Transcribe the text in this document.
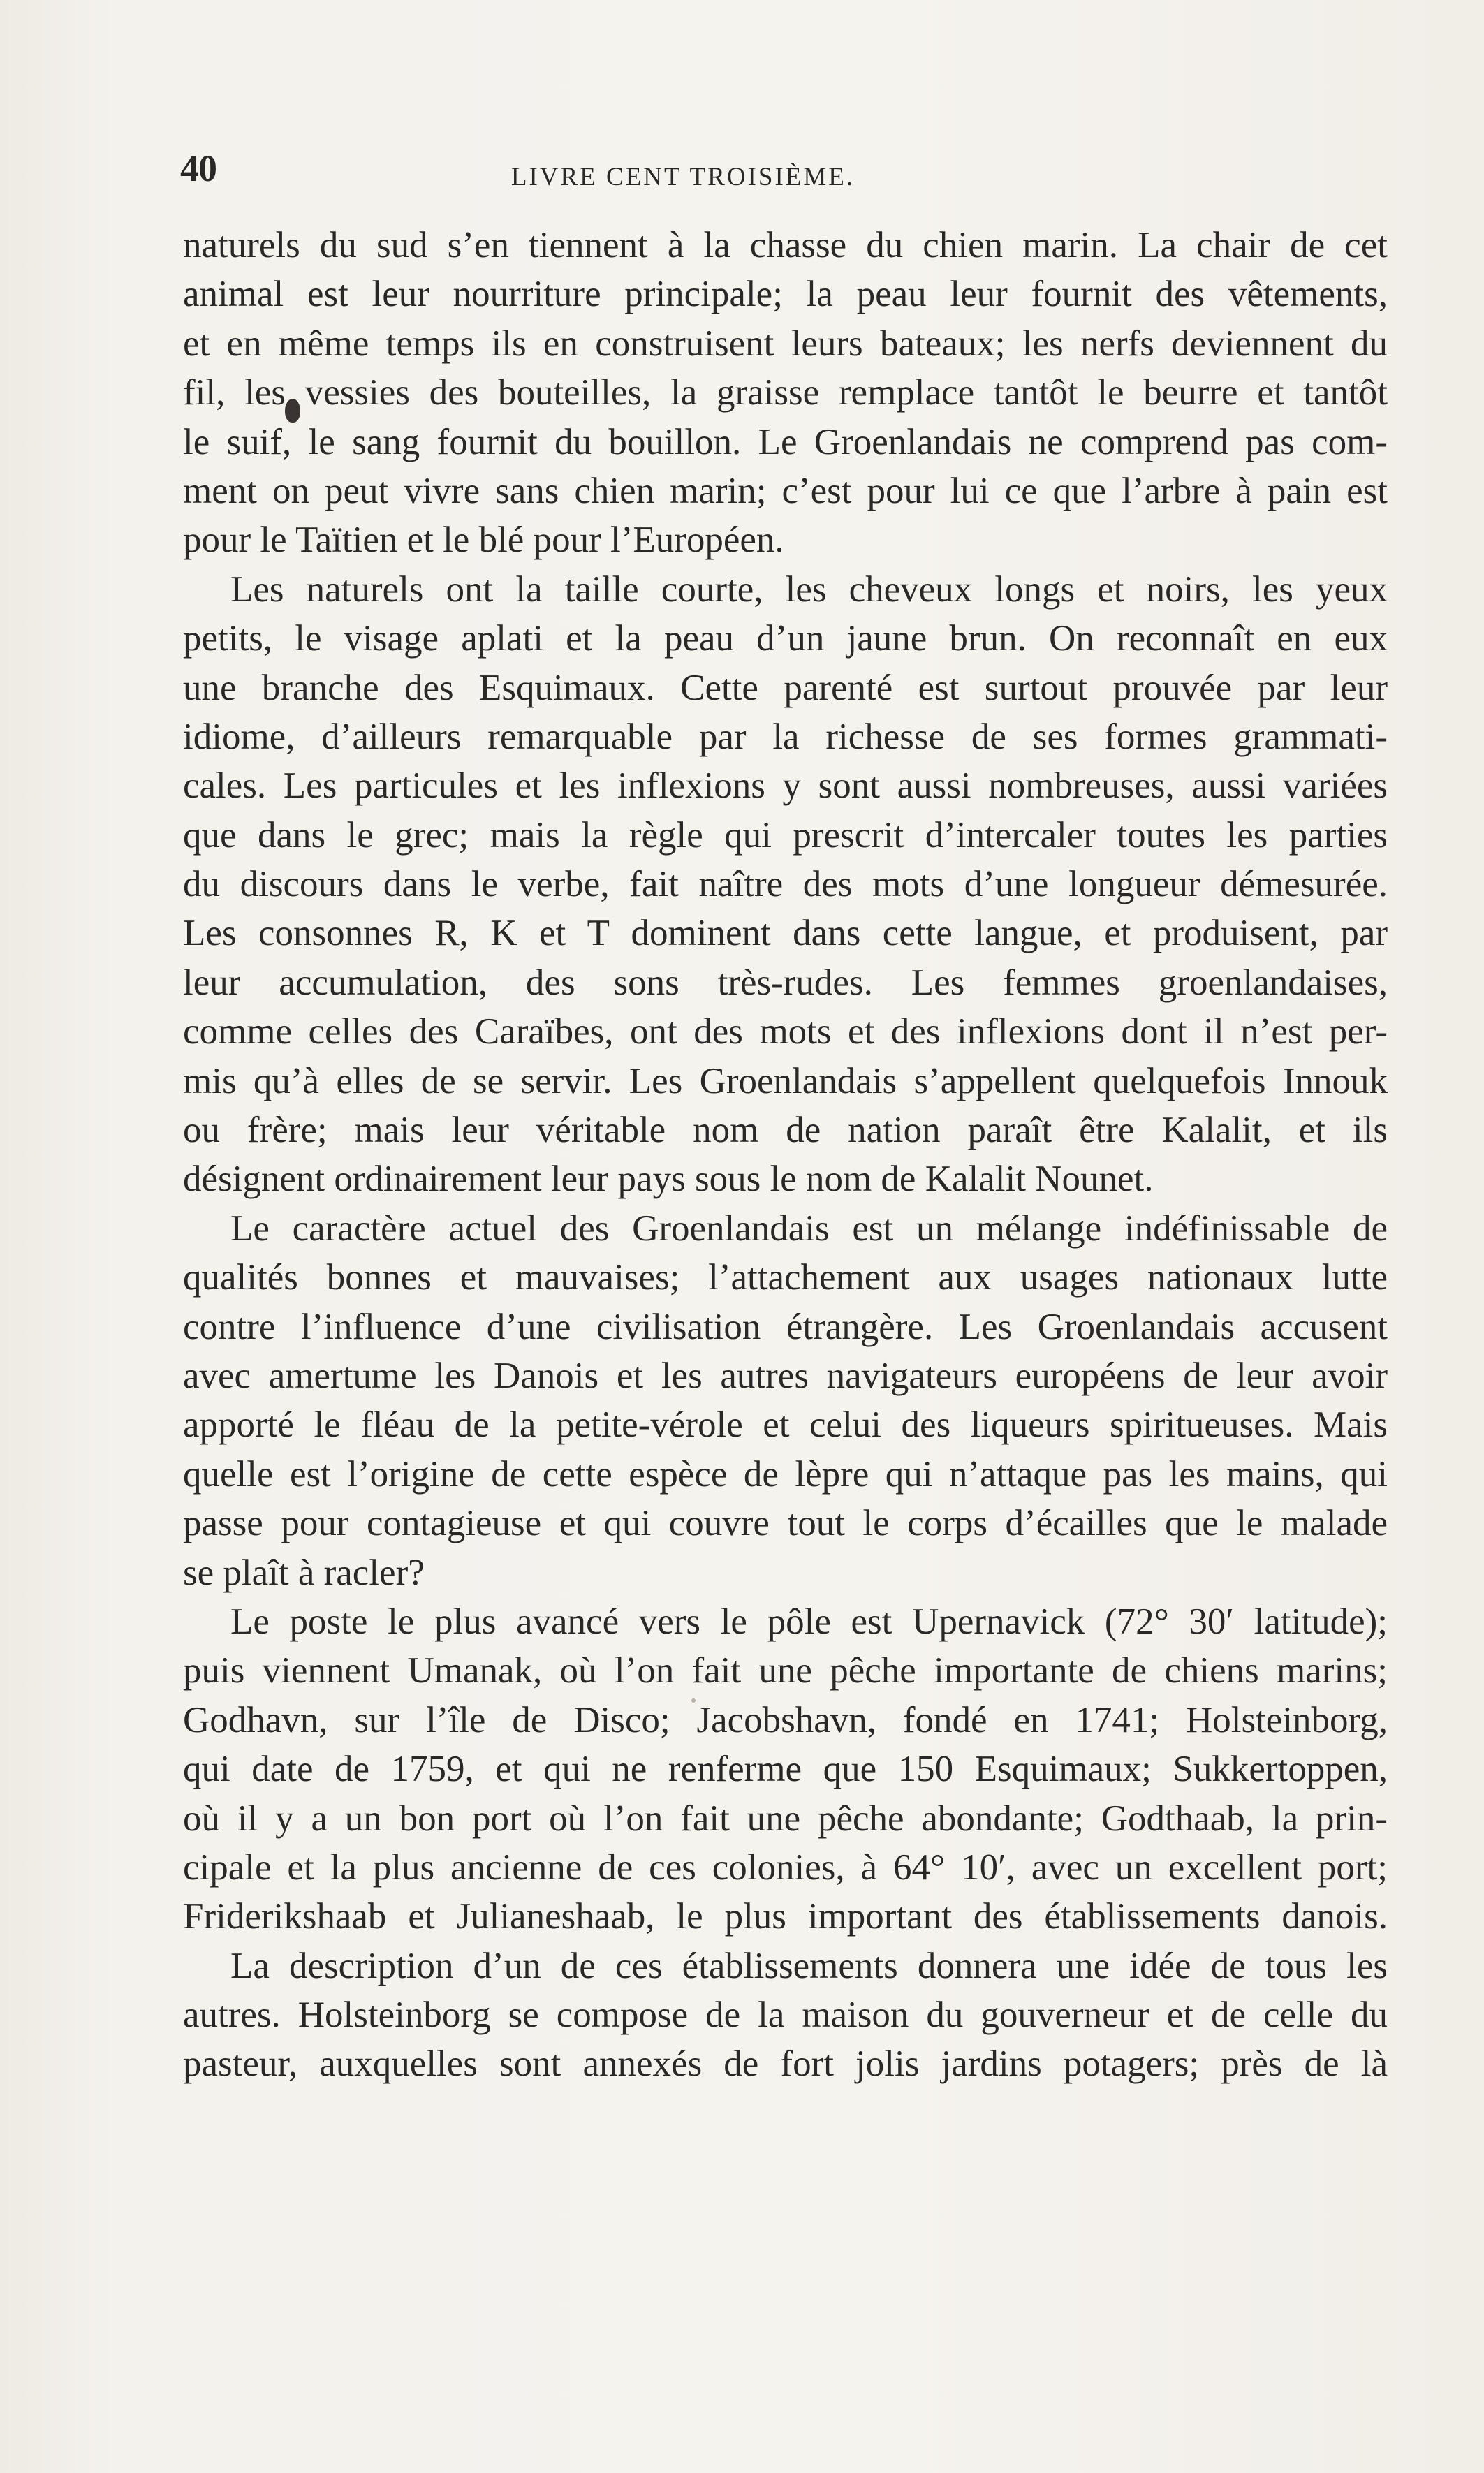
40	LIVRE CENT TROISIÈME.
naturels du sud s’en tiennent à la chasse du chien marin. La chair de cet
animal est leur nourriture principale; la peau leur fournit des vêtements,
et en même temps ils en construisent leurs bateaux; les nerfs deviennent du
fil, les vessies des bouteilles, la graisse remplace tantôt le beurre et tantôt
le suif, le sang fournit du bouillon. Le Groenlandais ne comprend pas com-
ment on peut vivre sans chien marin; c’est pour lui ce que l’arbre à pain est
pour le Taïtien et le blé pour l’Européen.
Les naturels ont la taille courte, les cheveux longs et noirs, les yeux
petits, le visage aplati et la peau d’un jaune brun. On reconnaît en eux
une branche des Esquimaux. Cette parenté est surtout prouvée par leur
idiome, d’ailleurs remarquable par la richesse de ses formes grammati-
cales. Les particules et les inflexions y sont aussi nombreuses, aussi variées
que dans le grec; mais la règle qui prescrit d’intercaler toutes les parties
du discours dans le verbe, fait naître des mots d’une longueur démesurée.
Les consonnes R, K et T dominent dans cette langue, et produisent, par
leur accumulation, des sons très-rudes. Les femmes groenlandaises,
comme celles des Caraïbes, ont des mots et des inflexions dont il n’est per-
mis qu’à elles de se servir. Les Groenlandais s’appellent quelquefois Innouk
ou frère; mais leur véritable nom de nation paraît être Kalalit, et ils
désignent ordinairement leur pays sous le nom de Kalalit Nounet.
Le caractère actuel des Groenlandais est un mélange indéfinissable de
qualités bonnes et mauvaises; l’attachement aux usages nationaux lutte
contre l’influence d’une civilisation étrangère. Les Groenlandais accusent
avec amertume les Danois et les autres navigateurs européens de leur avoir
apporté le fléau de la petite-vérole et celui des liqueurs spiritueuses. Mais
quelle est l’origine de cette espèce de lèpre qui n’attaque pas les mains, qui
passe pour contagieuse et qui couvre tout le corps d’écailles que le malade
se plaît à racler?
Le poste le plus avancé vers le pôle est Upernavick (72° 30′ latitude);
puis viennent Umanak, où l’on fait une pêche importante de chiens marins;
Godhavn, sur l’île de Disco; Jacobshavn, fondé en 1741; Holsteinborg,
qui date de 1759, et qui ne renferme que 150 Esquimaux; Sukkertoppen,
où il y a un bon port où l’on fait une pêche abondante; Godthaab, la prin-
cipale et la plus ancienne de ces colonies, à 64° 10′, avec un excellent port;
Friderikshaab et Julianeshaab, le plus important des établissements danois.
La description d’un de ces établissements donnera une idée de tous les
autres. Holsteinborg se compose de la maison du gouverneur et de celle du
pasteur, auxquelles sont annexés de fort jolis jardins potagers; près de là
